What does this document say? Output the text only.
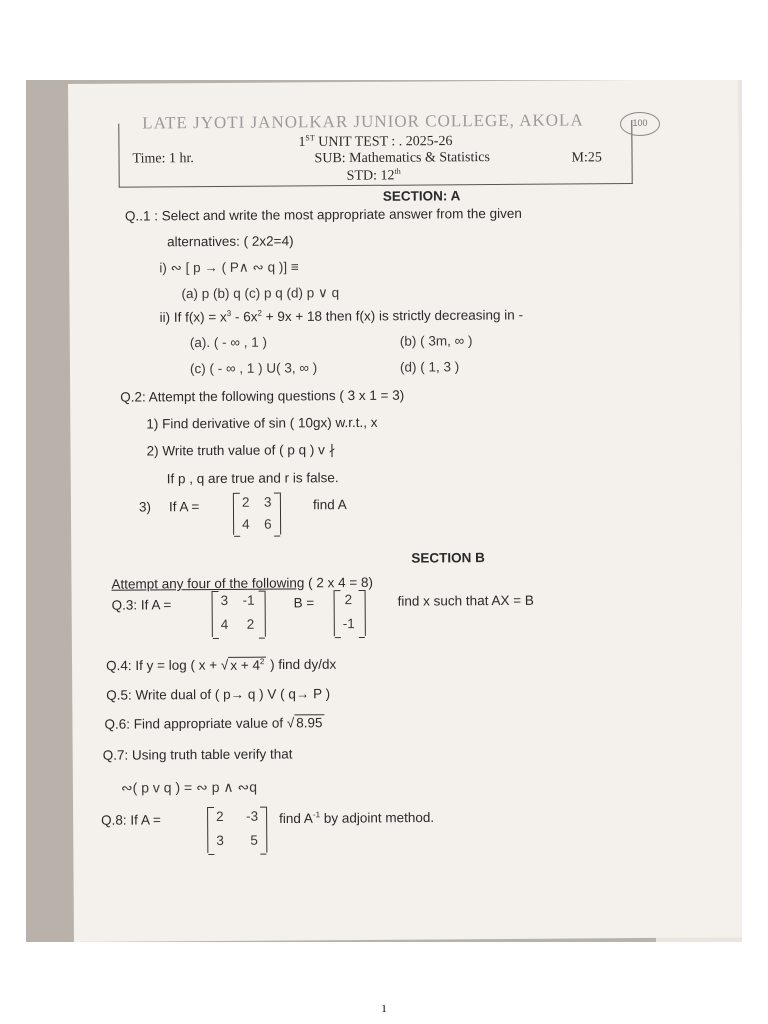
LATE JYOTI JANOLKAR JUNIOR COLLEGE, AKOLA
1ST UNIT TEST : . 2025-26
Time: 1 hr.	SUB: Mathematics & Statistics	M:25
STD: 12th
SECTION: A
Q..1 : Select and write the most appropriate answer from the given
alternatives: ( 2x2=4)
i) ∾ [ p → ( P∧ ∾ q )] ≡
(a) p (b) q (c) p q (d) p ∨ q
ii) If $f(x) = x^3 - 6x^2 + 9x + 18$ then f(x) is strictly decreasing in -
(a). ( - ∞ , 1 )	(b) ( 3m, ∞ )
(c) ( - ∞ , 1 ) U( 3, ∞ )	(d) ( 1, 3 )
Q.2: Attempt the following questions ( 3 x 1 = 3)
1) Find derivative of sin ( 10gx) w.r.t., x
2) Write truth value of ( p q ) v ∤
If p , q are true and r is false.
3) If A =	2 3
4 6
find A
SECTION B
Attempt any four of the following ( 2 x 4 = 8)
Q.3: If A =	3 -1
4 2
B = 2
-1
find x such that AX = B
Q.4: If y = log ( x + √ $x + 4^2$ ) find dy/dx
Q.5: Write dual of ( p→ q ) V ( q→ P )
Q.6: Find appropriate value of √ 8.95
Q.7: Using truth table verify that
∾( p v q ) = ∾ p ∧ ∾q
Q.8: If A =	2 -3
3 5
find $A^{-1}$ by adjoint method.
100
1
